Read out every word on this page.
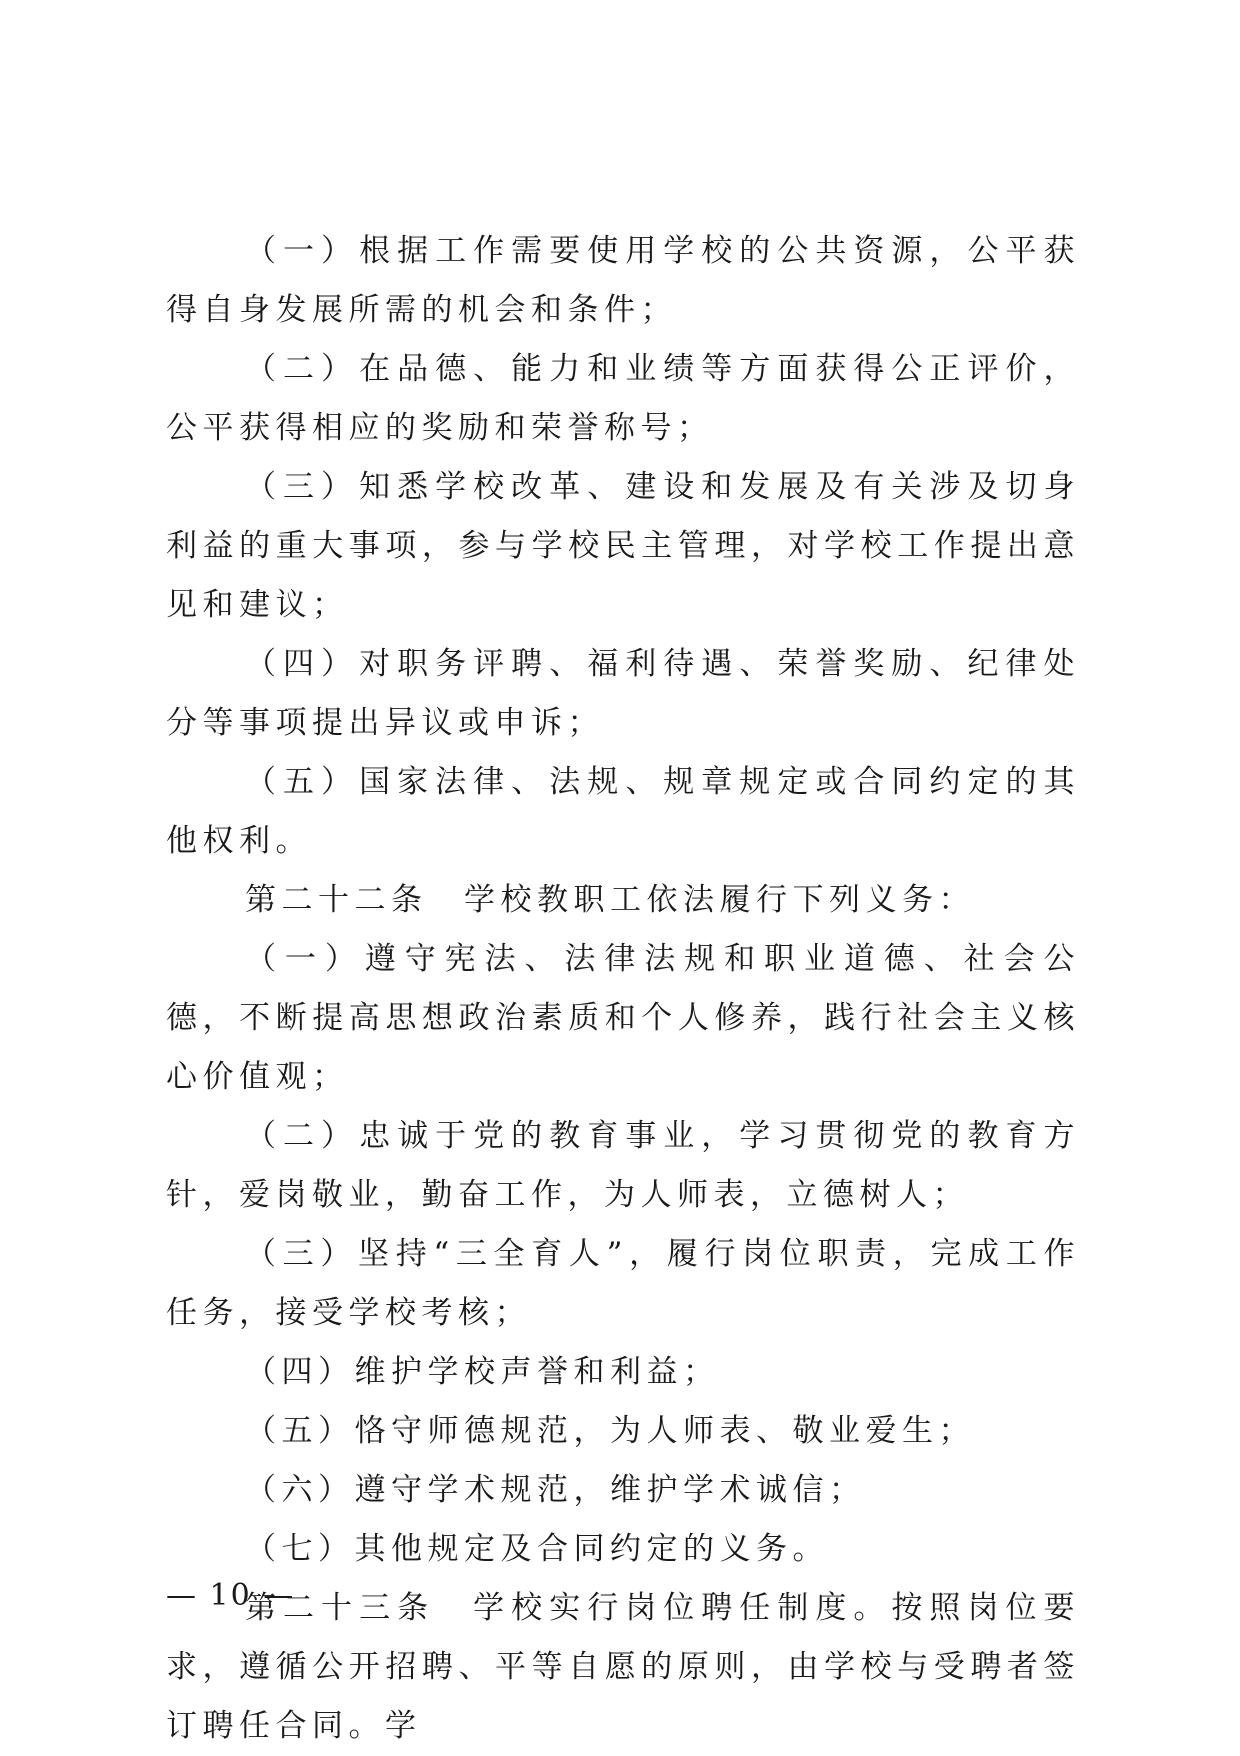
（一）根据工作需要使用学校的公共资源，公平获得自身发展所需的机会和条件；

（二）在品德、能力和业绩等方面获得公正评价，公平获得相应的奖励和荣誉称号；

（三）知悉学校改革、建设和发展及有关涉及切身利益的重大事项，参与学校民主管理，对学校工作提出意见和建议；

（四）对职务评聘、福利待遇、荣誉奖励、纪律处分等事项提出异议或申诉；

（五）国家法律、法规、规章规定或合同约定的其他权利。

第二十二条　学校教职工依法履行下列义务：

（一）遵守宪法、法律法规和职业道德、社会公德，不断提高思想政治素质和个人修养，践行社会主义核心价值观；

（二）忠诚于党的教育事业，学习贯彻党的教育方针，爱岗敬业，勤奋工作，为人师表，立德树人；

（三）坚持“三全育人”，履行岗位职责，完成工作任务，接受学校考核；

（四）维护学校声誉和利益；

（五）恪守师德规范，为人师表、敬业爱生；

（六）遵守学术规范，维护学术诚信；

（七）其他规定及合同约定的义务。

第二十三条　学校实行岗位聘任制度。按照岗位要求，遵循公开招聘、平等自愿的原则，由学校与受聘者签订聘任合同。学

— 10 —
